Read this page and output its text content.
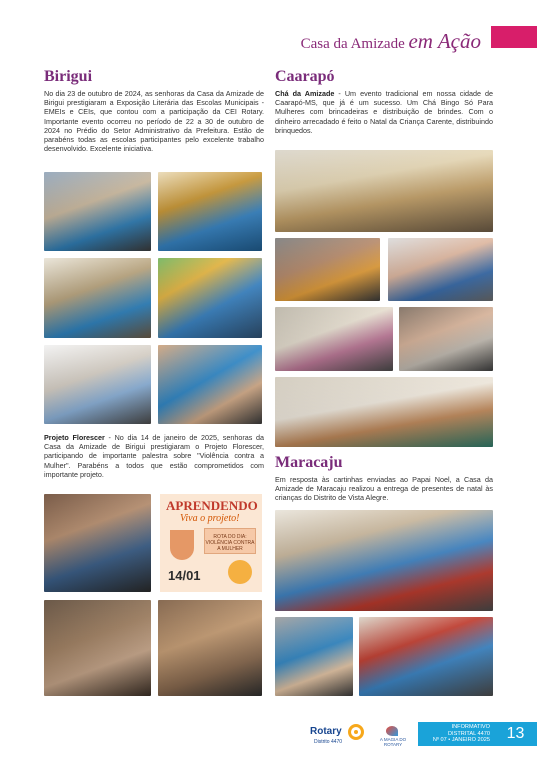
Casa da Amizade em Ação
Birigui
No dia 23 de outubro de 2024, as senhoras da Casa da Amizade de Birigui prestigiaram a Exposição Literária das Escolas Municipais - EMEIs e CEIs, que contou com a participação da CEI Rotary. Importante evento ocorreu no período de 22 a 30 de outubro de 2024 no Prédio do Setor Administrativo da Prefeitura. Estão de parabéns todas as escolas participantes pelo excelente trabalho desenvolvido. Excelente iniciativa.
Projeto Florescer - No dia 14 de janeiro de 2025, senhoras da Casa da Amizade de Birigui prestigiaram o Projeto Florescer, participando de importante palestra sobre "Violência contra a Mulher". Parabéns a todos que estão comprometidos com importante projeto.
APRENDENDO
Viva o projeto!
ROTA DO DIA: VIOLÊNCIA CONTRA A MULHER
14/01
Caarapó
Chá da Amizade - Um evento tradicional em nossa cidade de Caarapó-MS, que já é um sucesso. Um Chá Bingo Só Para Mulheres com brincadeiras e distribuição de brindes. Com o dinheiro arrecadado é feito o Natal da Criança Carente, distribuindo brinquedos.
Maracaju
Em resposta às cartinhas enviadas ao Papai Noel, a Casa da Amizade de Maracaju realizou a entrega de presentes de natal às crianças do Distrito de Vista Alegre.
Rotary
Distrito 4470	A MAGIA DO ROTARY
INFORMATIVO
DISTRITAL 4470
Nº 07 • JANEIRO 2025	13
